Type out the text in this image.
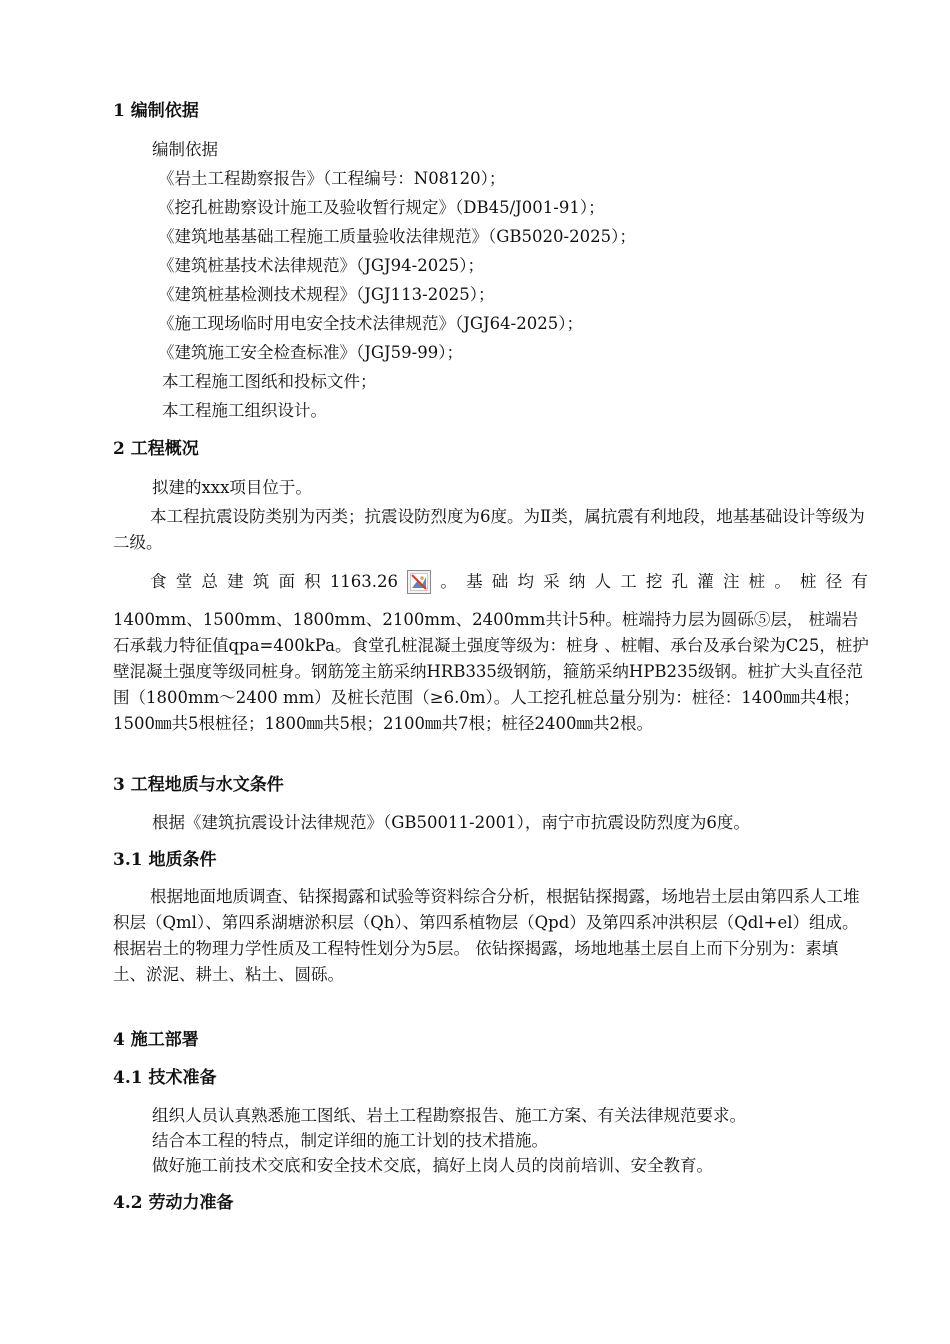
1 编制依据
编制依据
《岩土工程勘察报告》（工程编号：N08120）；
《挖孔桩勘察设计施工及验收暂行规定》（DB45/J001-91）；
《建筑地基基础工程施工质量验收法律规范》（GB5020-2025）；
《建筑桩基技术法律规范》（JGJ94-2025）；
《建筑桩基检测技术规程》（JGJ113-2025）；
《施工现场临时用电安全技术法律规范》（JGJ64-2025）；
《建筑施工安全检查标准》（JGJ59-99）；
本工程施工图纸和投标文件；
本工程施工组织设计。
2 工程概况
拟建的xxx项目位于。
本工程抗震设防类别为丙类；抗震设防烈度为6度。为Ⅱ类，属抗震有利地段，地基基础设计等级为二级。
食 堂 总 建 筑 面 积 1163.26	。 基 础 均 采 纳 人 工 挖 孔 灌 注 桩 。 桩 径 有
1400mm、1500mm、1800mm、2100mm、2400mm共计5种。桩端持力层为圆砾⑤层， 桩端岩石承载力特征值qpa=400kPa。食堂孔桩混凝土强度等级为：桩身 、桩帽、承台及承台梁为C25，桩护壁混凝土强度等级同桩身。钢筋笼主筋采纳HRB335级钢筋，箍筋采纳HPB235级钢。桩扩大头直径范围（1800mm～2400 mm）及桩长范围（≥6.0m）。人工挖孔桩总量分别为：桩径：1400㎜共4根；1500㎜共5根桩径；1800㎜共5根；2100㎜共7根；桩径2400㎜共2根。
3 工程地质与水文条件
根据《建筑抗震设计法律规范》（GB50011-2001），南宁市抗震设防烈度为6度。
3.1 地质条件
根据地面地质调查、钻探揭露和试验等资料综合分析，根据钻探揭露，场地岩土层由第四系人工堆积层（Qml）、第四系湖塘淤积层（Qh）、第四系植物层（Qpd）及第四系冲洪积层（Qdl+el）组成。根据岩土的物理力学性质及工程特性划分为5层。 依钻探揭露，场地地基土层自上而下分别为：素填土、淤泥、耕土、粘土、圆砾。
4 施工部署
4.1 技术准备
组织人员认真熟悉施工图纸、岩土工程勘察报告、施工方案、有关法律规范要求。
结合本工程的特点，制定详细的施工计划的技术措施。
做好施工前技术交底和安全技术交底，搞好上岗人员的岗前培训、安全教育。
4.2 劳动力准备
